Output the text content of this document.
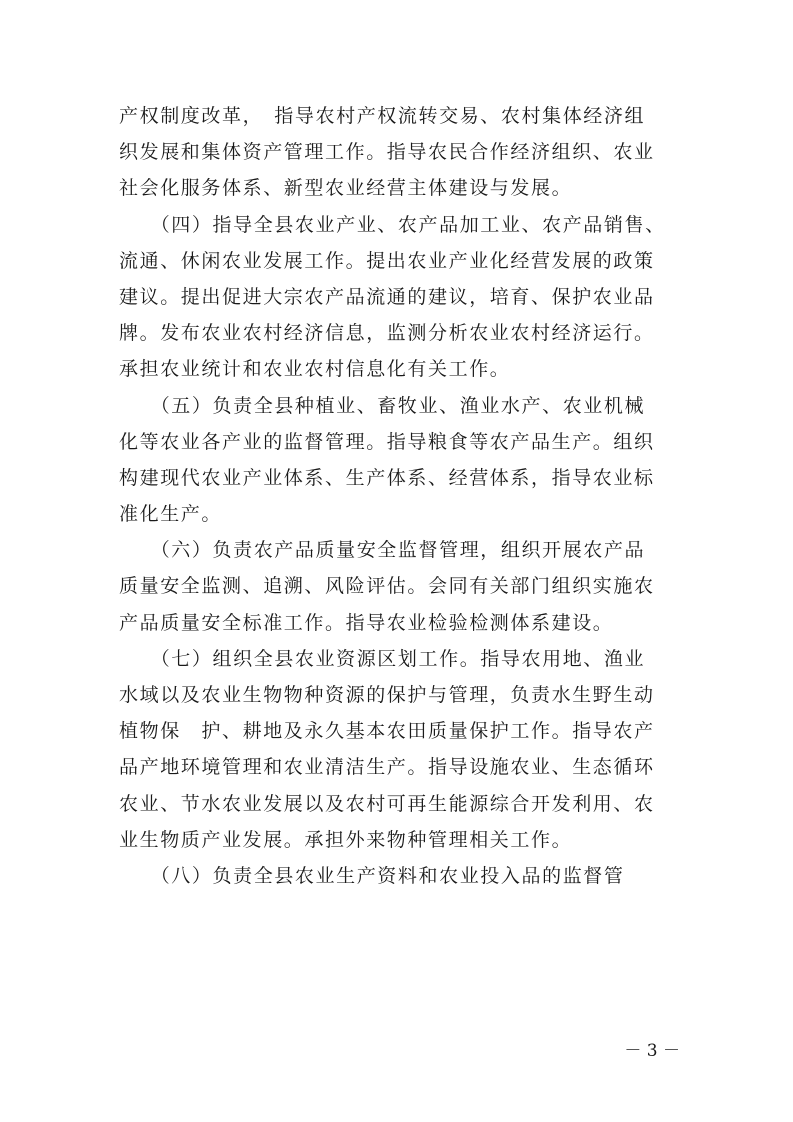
产权制度改革，　指导农村产权流转交易、农村集体经济组
织发展和集体资产管理工作。指导农民合作经济组织、农业
社会化服务体系、新型农业经营主体建设与发展。
　　（四）指导全县农业产业、农产品加工业、农产品销售、
流通、休闲农业发展工作。提出农业产业化经营发展的政策
建议。提出促进大宗农产品流通的建议，培育、保护农业品
牌。发布农业农村经济信息，监测分析农业农村经济运行。
承担农业统计和农业农村信息化有关工作。
　　（五）负责全县种植业、畜牧业、渔业水产、农业机械
化等农业各产业的监督管理。指导粮食等农产品生产。组织
构建现代农业产业体系、生产体系、经营体系，指导农业标
准化生产。
　　（六）负责农产品质量安全监督管理，组织开展农产品
质量安全监测、追溯、风险评估。会同有关部门组织实施农
产品质量安全标准工作。指导农业检验检测体系建设。
　　（七）组织全县农业资源区划工作。指导农用地、渔业
水域以及农业生物物种资源的保护与管理，负责水生野生动
植物保　护、耕地及永久基本农田质量保护工作。指导农产
品产地环境管理和农业清洁生产。指导设施农业、生态循环
农业、节水农业发展以及农村可再生能源综合开发利用、农
业生物质产业发展。承担外来物种管理相关工作。
　　（八）负责全县农业生产资料和农业投入品的监督管
－ 3 －
